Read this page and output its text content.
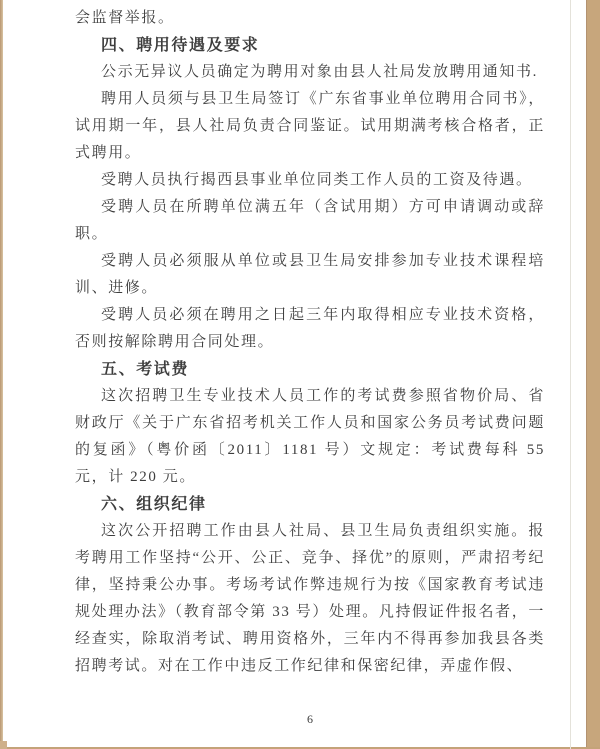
会监督举报。

四、聘用待遇及要求

公示无异议人员确定为聘用对象由县人社局发放聘用通知书.

聘用人员须与县卫生局签订《广东省事业单位聘用合同书》，试用期一年，县人社局负责合同鉴证。试用期满考核合格者，正式聘用。

受聘人员执行揭西县事业单位同类工作人员的工资及待遇。

受聘人员在所聘单位满五年（含试用期）方可申请调动或辞职。

受聘人员必须服从单位或县卫生局安排参加专业技术课程培训、进修。

受聘人员必须在聘用之日起三年内取得相应专业技术资格，否则按解除聘用合同处理。

五、考试费

这次招聘卫生专业技术人员工作的考试费参照省物价局、省财政厅《关于广东省招考机关工作人员和国家公务员考试费问题的复函》（粤价函〔2011〕1181 号）文规定：考试费每科 55 元，计 220 元。

六、组织纪律

这次公开招聘工作由县人社局、县卫生局负责组织实施。报考聘用工作坚持“公开、公正、竞争、择优”的原则，严肃招考纪律，坚持秉公办事。考场考试作弊违规行为按《国家教育考试违规处理办法》（教育部令第 33 号）处理。凡持假证件报名者，一经查实，除取消考试、聘用资格外，三年内不得再参加我县各类招聘考试。对在工作中违反工作纪律和保密纪律，弄虚作假、

6
